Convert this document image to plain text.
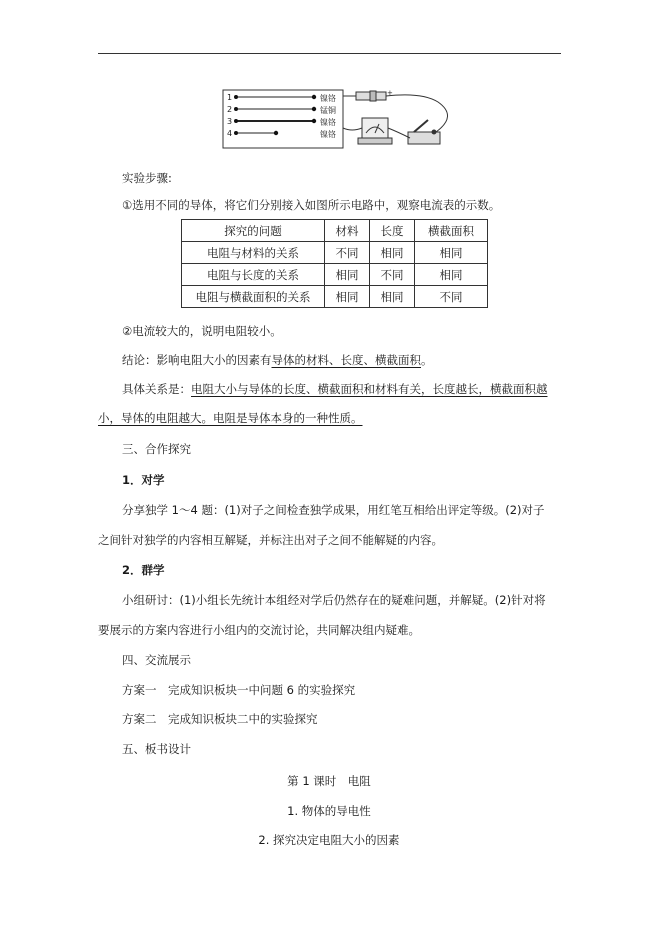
1
2
3
4
镍铬
锰铜
镍铬
镍铬
+
实验步骤:
①选用不同的导体，将它们分别接入如图所示电路中，观察电流表的示数。
探究的问题	材料	长度	横截面积
电阻与材料的关系	不同	相同	相同
电阻与长度的关系	相同	不同	相同
电阻与横截面积的关系	相同	相同	不同
②电流较大的，说明电阻较小。
结论：影响电阻大小的因素有导体的材料、长度、横截面积。
具体关系是：电阻大小与导体的长度、横截面积和材料有关，长度越长，横截面积越
小，导体的电阻越大。电阻是导体本身的一种性质。
三、合作探究
1．对学
分享独学 1～4 题：(1)对子之间检查独学成果，用红笔互相给出评定等级。(2)对子
之间针对独学的内容相互解疑，并标注出对子之间不能解疑的内容。
2．群学
小组研讨：(1)小组长先统计本组经对学后仍然存在的疑难问题，并解疑。(2)针对将
要展示的方案内容进行小组内的交流讨论，共同解决组内疑难。
四、交流展示
方案一　完成知识板块一中问题 6 的实验探究
方案二　完成知识板块二中的实验探究
五、板书设计
第 1 课时　电阻
1. 物体的导电性
2. 探究决定电阻大小的因素
